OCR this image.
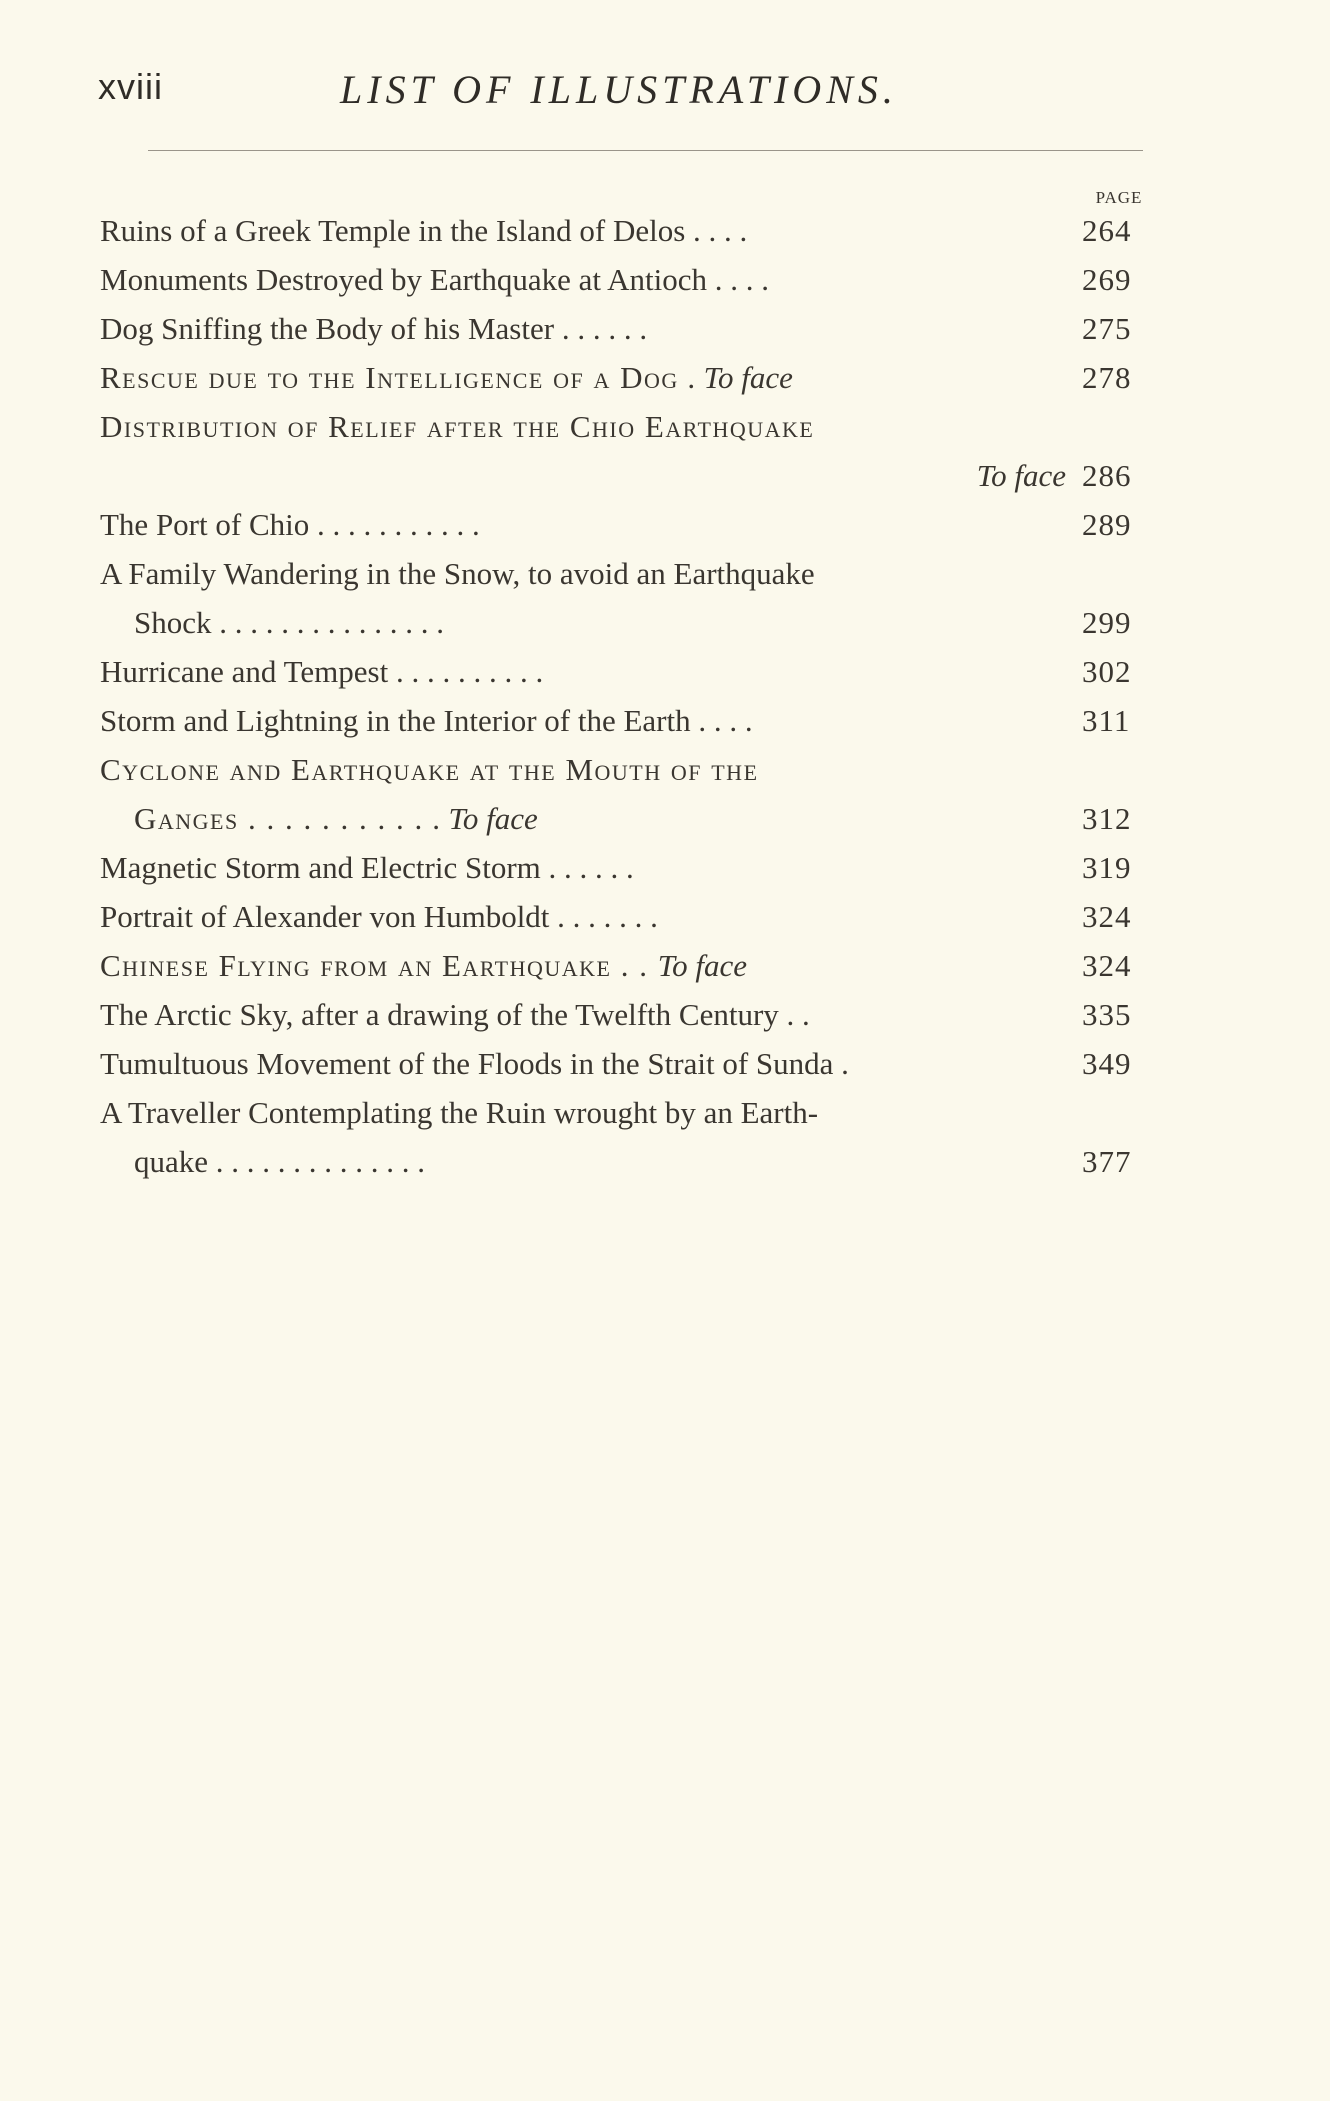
xviii	LIST OF ILLUSTRATIONS.
PAGE
Ruins of a Greek Temple in the Island of Delos . . . .	264
Monuments Destroyed by Earthquake at Antioch . . . .	269
Dog Sniffing the Body of his Master . . . . . .	275
Rescue due to the Intelligence of a Dog . To face	278
Distribution of Relief after the Chio Earthquake
To face 286
The Port of Chio . . . . . . . . . . .	289
A Family Wandering in the Snow, to avoid an Earthquake
Shock . . . . . . . . . . . . . . .	299
Hurricane and Tempest . . . . . . . . . .	302
Storm and Lightning in the Interior of the Earth . . . .	311
Cyclone and Earthquake at the Mouth of the
Ganges . . . . . . . . . . . To face	312
Magnetic Storm and Electric Storm . . . . . .	319
Portrait of Alexander von Humboldt . . . . . . .	324
Chinese Flying from an Earthquake . . To face	324
The Arctic Sky, after a drawing of the Twelfth Century . .	335
Tumultuous Movement of the Floods in the Strait of Sunda .	349
A Traveller Contemplating the Ruin wrought by an Earth-
quake . . . . . . . . . . . . . .	377
